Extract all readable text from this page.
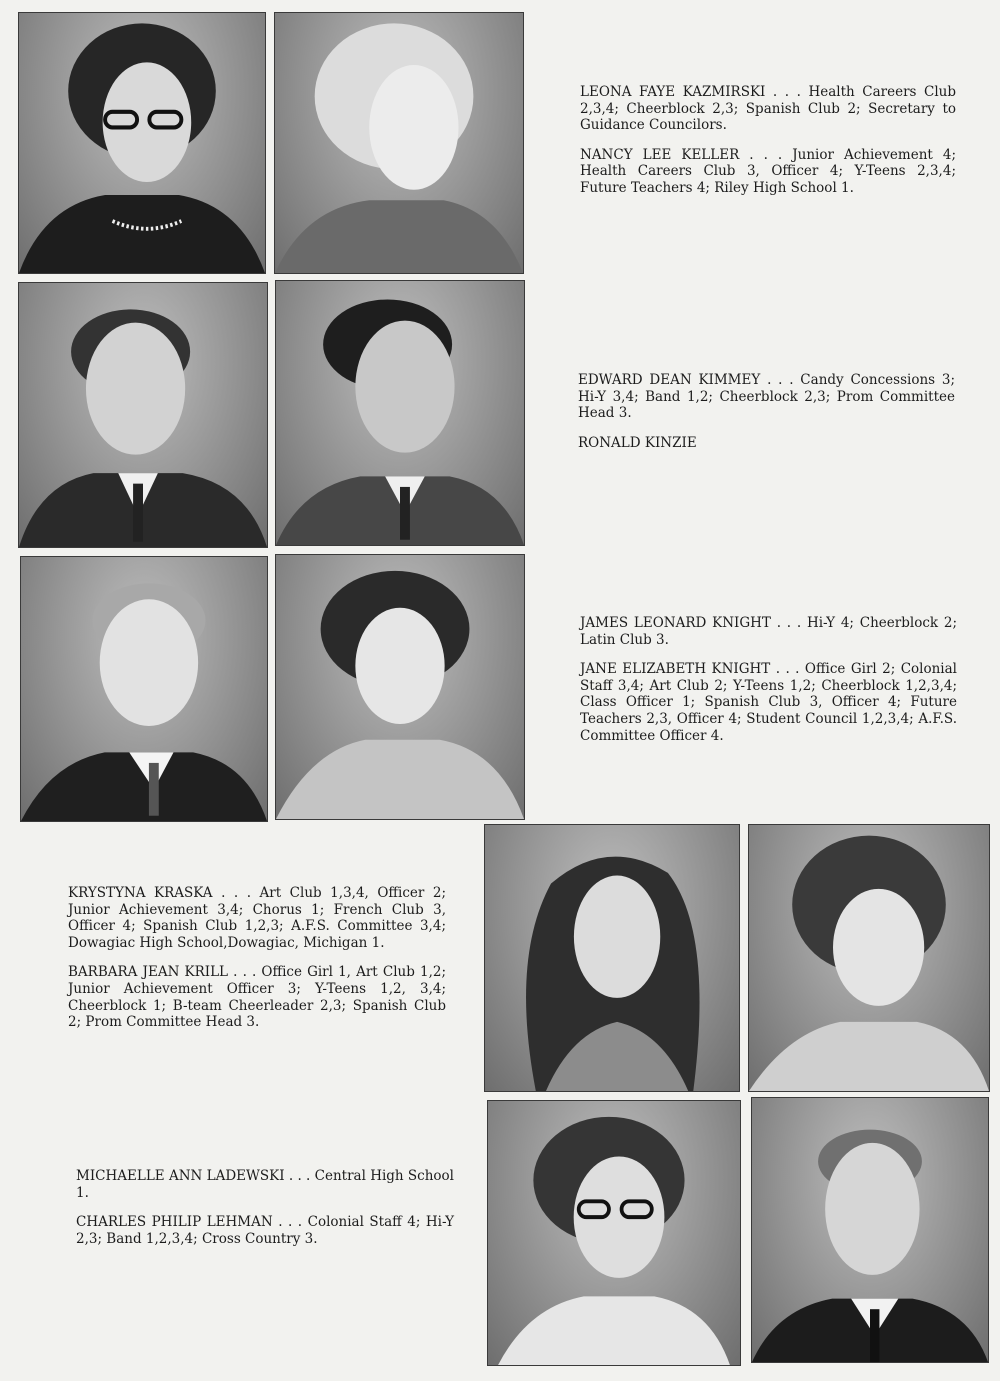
LEONA FAYE KAZMIRSKI . . . Health Careers Club 2,3,4; Cheerblock 2,3; Spanish Club 2; Secretary to Guidance Councilors.

NANCY LEE KELLER . . . Junior Achievement 4; Health Careers Club 3, Officer 4; Y-Teens 2,3,4; Future Teachers 4; Riley High School 1.

EDWARD DEAN KIMMEY . . . Candy Concessions 3; Hi-Y 3,4; Band 1,2; Cheerblock 2,3; Prom Committee Head 3.

RONALD KINZIE

JAMES LEONARD KNIGHT . . . Hi-Y 4; Cheerblock 2; Latin Club 3.

JANE ELIZABETH KNIGHT . . . Office Girl 2; Colonial Staff 3,4; Art Club 2; Y-Teens 1,2; Cheerblock 1,2,3,4; Class Officer 1; Spanish Club 3, Officer 4; Future Teachers 2,3, Officer 4; Student Council 1,2,3,4; A.F.S. Committee Officer 4.

KRYSTYNA KRASKA . . . Art Club 1,3,4, Officer 2; Junior Achievement 3,4; Chorus 1; French Club 3, Officer 4; Spanish Club 1,2,3; A.F.S. Committee 3,4; Dowagiac High School,Dowagiac, Michigan 1.

BARBARA JEAN KRILL . . . Office Girl 1, Art Club 1,2; Junior Achievement Officer 3; Y-Teens 1,2, 3,4; Cheerblock 1; B-team Cheerleader 2,3; Spanish Club 2; Prom Committee Head 3.

MICHAELLE ANN LADEWSKI . . . Central High School 1.

CHARLES PHILIP LEHMAN . . . Colonial Staff 4; Hi-Y 2,3; Band 1,2,3,4; Cross Country 3.
